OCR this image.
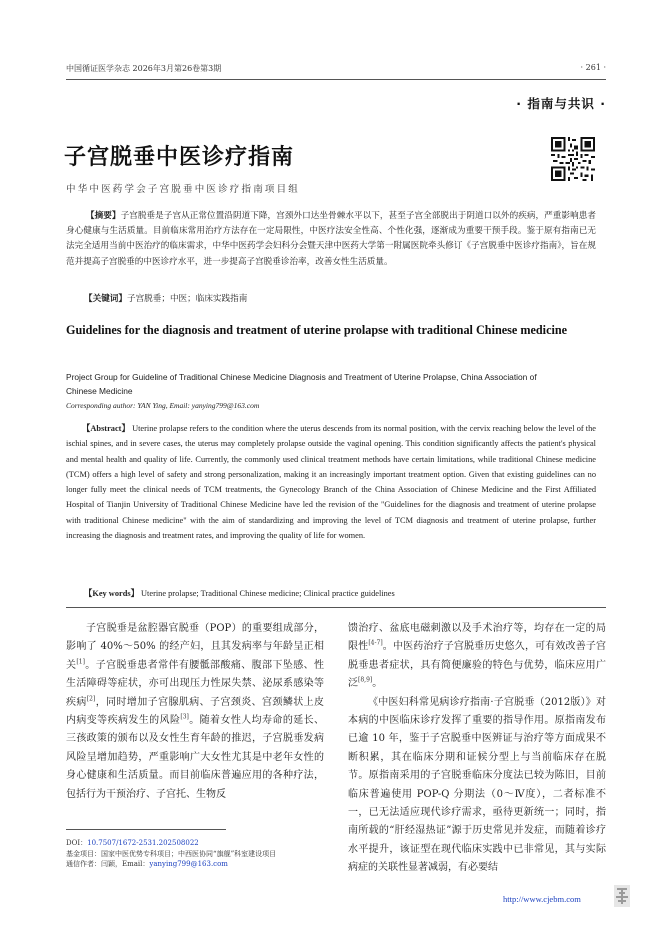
中国循证医学杂志 2026年3月第26卷第3期	· 261 ·
· 指南与共识 ·
子宫脱垂中医诊疗指南
中华中医药学会子宫脱垂中医诊疗指南项目组

【摘要】子宫脱垂是子宫从正常位置沿阴道下降，宫颈外口达坐骨棘水平以下，甚至子宫全部脱出于阴道口以外的疾病，严重影响患者身心健康与生活质量。目前临床常用治疗方法存在一定局限性，中医疗法安全性高、个性化强，逐渐成为重要干预手段。鉴于原有指南已无法完全适用当前中医治疗的临床需求，中华中医药学会妇科分会暨天津中医药大学第一附属医院牵头修订《子宫脱垂中医诊疗指南》，旨在规范并提高子宫脱垂的中医诊疗水平，进一步提高子宫脱垂诊治率，改善女性生活质量。

【关键词】子宫脱垂；中医；临床实践指南

Guidelines for the diagnosis and treatment of uterine prolapse with traditional Chinese medicine
Project Group for Guideline of Traditional Chinese Medicine Diagnosis and Treatment of Uterine Prolapse, China Association of Chinese Medicine
Corresponding author: YAN Ying, Email: yanying799@163.com

【Abstract】 Uterine prolapse refers to the condition where the uterus descends from its normal position, with the cervix reaching below the level of the ischial spines, and in severe cases, the uterus may completely prolapse outside the vaginal opening. This condition significantly affects the patient's physical and mental health and quality of life. Currently, the commonly used clinical treatment methods have certain limitations, while traditional Chinese medicine (TCM) offers a high level of safety and strong personalization, making it an increasingly important treatment option. Given that existing guidelines can no longer fully meet the clinical needs of TCM treatments, the Gynecology Branch of the China Association of Chinese Medicine and the First Affiliated Hospital of Tianjin University of Traditional Chinese Medicine have led the revision of the "Guidelines for the diagnosis and treatment of uterine prolapse with traditional Chinese medicine" with the aim of standardizing and improving the level of TCM diagnosis and treatment of uterine prolapse, further increasing the diagnosis and treatment rates, and improving the quality of life for women.

【Key words】 Uterine prolapse; Traditional Chinese medicine; Clinical practice guidelines

子宫脱垂是盆腔器官脱垂（POP）的重要组成部分，影响了 40%～50% 的经产妇，且其发病率与年龄呈正相关[1]。子宫脱垂患者常伴有腰骶部酸痛、腹部下坠感、性生活障碍等症状，亦可出现压力性尿失禁、泌尿系感染等疾病[2]，同时增加子宫腺肌病、子宫颈炎、宫颈鳞状上皮内病变等疾病发生的风险[3]。随着女性人均寿命的延长、三孩政策的颁布以及女性生育年龄的推迟，子宫脱垂发病风险呈增加趋势，严重影响广大女性尤其是中老年女性的身心健康和生活质量。而目前临床普遍应用的各种疗法，包括行为干预治疗、子宫托、生物反

馈治疗、盆底电磁刺激以及手术治疗等，均存在一定的局限性[4-7]。中医药治疗子宫脱垂历史悠久，可有效改善子宫脱垂患者症状，具有简便廉验的特色与优势，临床应用广泛[8,9]。

《中医妇科常见病诊疗指南·子宫脱垂（2012版）》对本病的中医临床诊疗发挥了重要的指导作用。原指南发布已逾 10 年，鉴于子宫脱垂中医辨证与治疗等方面成果不断积累，其在临床分期和证候分型上与当前临床存在脱节。原指南采用的子宫脱垂临床分度法已较为陈旧，目前临床普遍使用 POP-Q 分期法（0～Ⅳ度），二者标准不一，已无法适应现代诊疗需求，亟待更新统一；同时，指南所载的“肝经湿热证”源于历史常见并发症，而随着诊疗水平提升，该证型在现代临床实践中已非常见，其与实际病症的关联性显著减弱，有必要结

DOI：10.7507/1672-2531.202508022
基金项目：国家中医优势专科项目；中西医协同“旗舰”科室建设项目
通信作者：闫颖，Email：yanying799@163.com
http://www.cjebm.com
